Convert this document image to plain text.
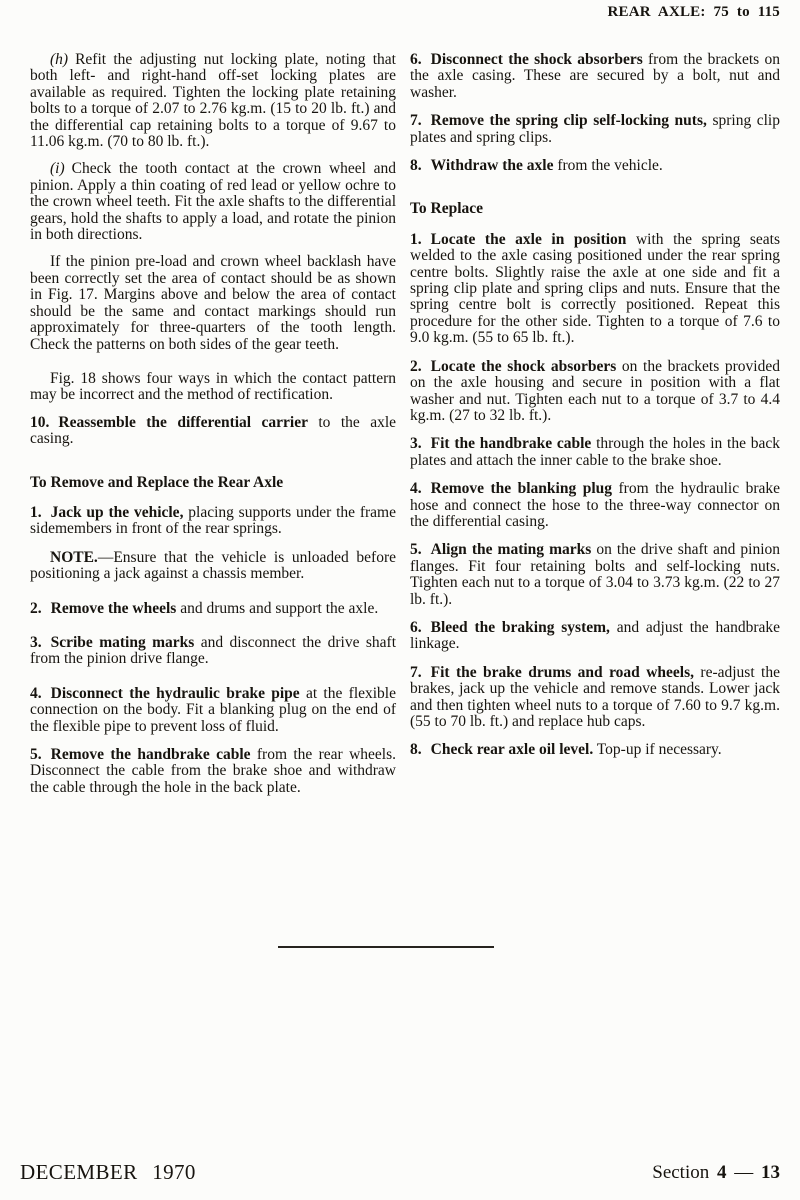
REAR AXLE: 75 to 115

(h) Refit the adjusting nut locking plate, noting that both left- and right-hand off-set locking plates are available as required. Tighten the locking plate retaining bolts to a torque of 2.07 to 2.76 kg.m. (15 to 20 lb. ft.) and the differential cap retaining bolts to a torque of 9.67 to 11.06 kg.m. (70 to 80 lb. ft.).

(i) Check the tooth contact at the crown wheel and pinion. Apply a thin coating of red lead or yellow ochre to the crown wheel teeth. Fit the axle shafts to the differential gears, hold the shafts to apply a load, and rotate the pinion in both directions.

If the pinion pre-load and crown wheel backlash have been correctly set the area of contact should be as shown in Fig. 17. Margins above and below the area of contact should be the same and contact markings should run approximately for three-quarters of the tooth length. Check the patterns on both sides of the gear teeth.

Fig. 18 shows four ways in which the contact pattern may be incorrect and the method of rectification.

10. Reassemble the differential carrier to the axle casing.

To Remove and Replace the Rear Axle

1. Jack up the vehicle, placing supports under the frame sidemembers in front of the rear springs.

NOTE.—Ensure that the vehicle is unloaded before positioning a jack against a chassis member.

2. Remove the wheels and drums and support the axle.

3. Scribe mating marks and disconnect the drive shaft from the pinion drive flange.

4. Disconnect the hydraulic brake pipe at the flexible connection on the body. Fit a blanking plug on the end of the flexible pipe to prevent loss of fluid.

5. Remove the handbrake cable from the rear wheels. Disconnect the cable from the brake shoe and withdraw the cable through the hole in the back plate.

6. Disconnect the shock absorbers from the brackets on the axle casing. These are secured by a bolt, nut and washer.

7. Remove the spring clip self-locking nuts, spring clip plates and spring clips.

8. Withdraw the axle from the vehicle.

To Replace

1. Locate the axle in position with the spring seats welded to the axle casing positioned under the rear spring centre bolts. Slightly raise the axle at one side and fit a spring clip plate and spring clips and nuts. Ensure that the spring centre bolt is correctly positioned. Repeat this procedure for the other side. Tighten to a torque of 7.6 to 9.0 kg.m. (55 to 65 lb. ft.).

2. Locate the shock absorbers on the brackets provided on the axle housing and secure in position with a flat washer and nut. Tighten each nut to a torque of 3.7 to 4.4 kg.m. (27 to 32 lb. ft.).

3. Fit the handbrake cable through the holes in the back plates and attach the inner cable to the brake shoe.

4. Remove the blanking plug from the hydraulic brake hose and connect the hose to the three-way connector on the differential casing.

5. Align the mating marks on the drive shaft and pinion flanges. Fit four retaining bolts and self-locking nuts. Tighten each nut to a torque of 3.04 to 3.73 kg.m. (22 to 27 lb. ft.).

6. Bleed the braking system, and adjust the handbrake linkage.

7. Fit the brake drums and road wheels, re-adjust the brakes, jack up the vehicle and remove stands. Lower jack and then tighten wheel nuts to a torque of 7.60 to 9.7 kg.m. (55 to 70 lb. ft.) and replace hub caps.

8. Check rear axle oil level. Top-up if necessary.

DECEMBER 1970	Section 4 — 13
